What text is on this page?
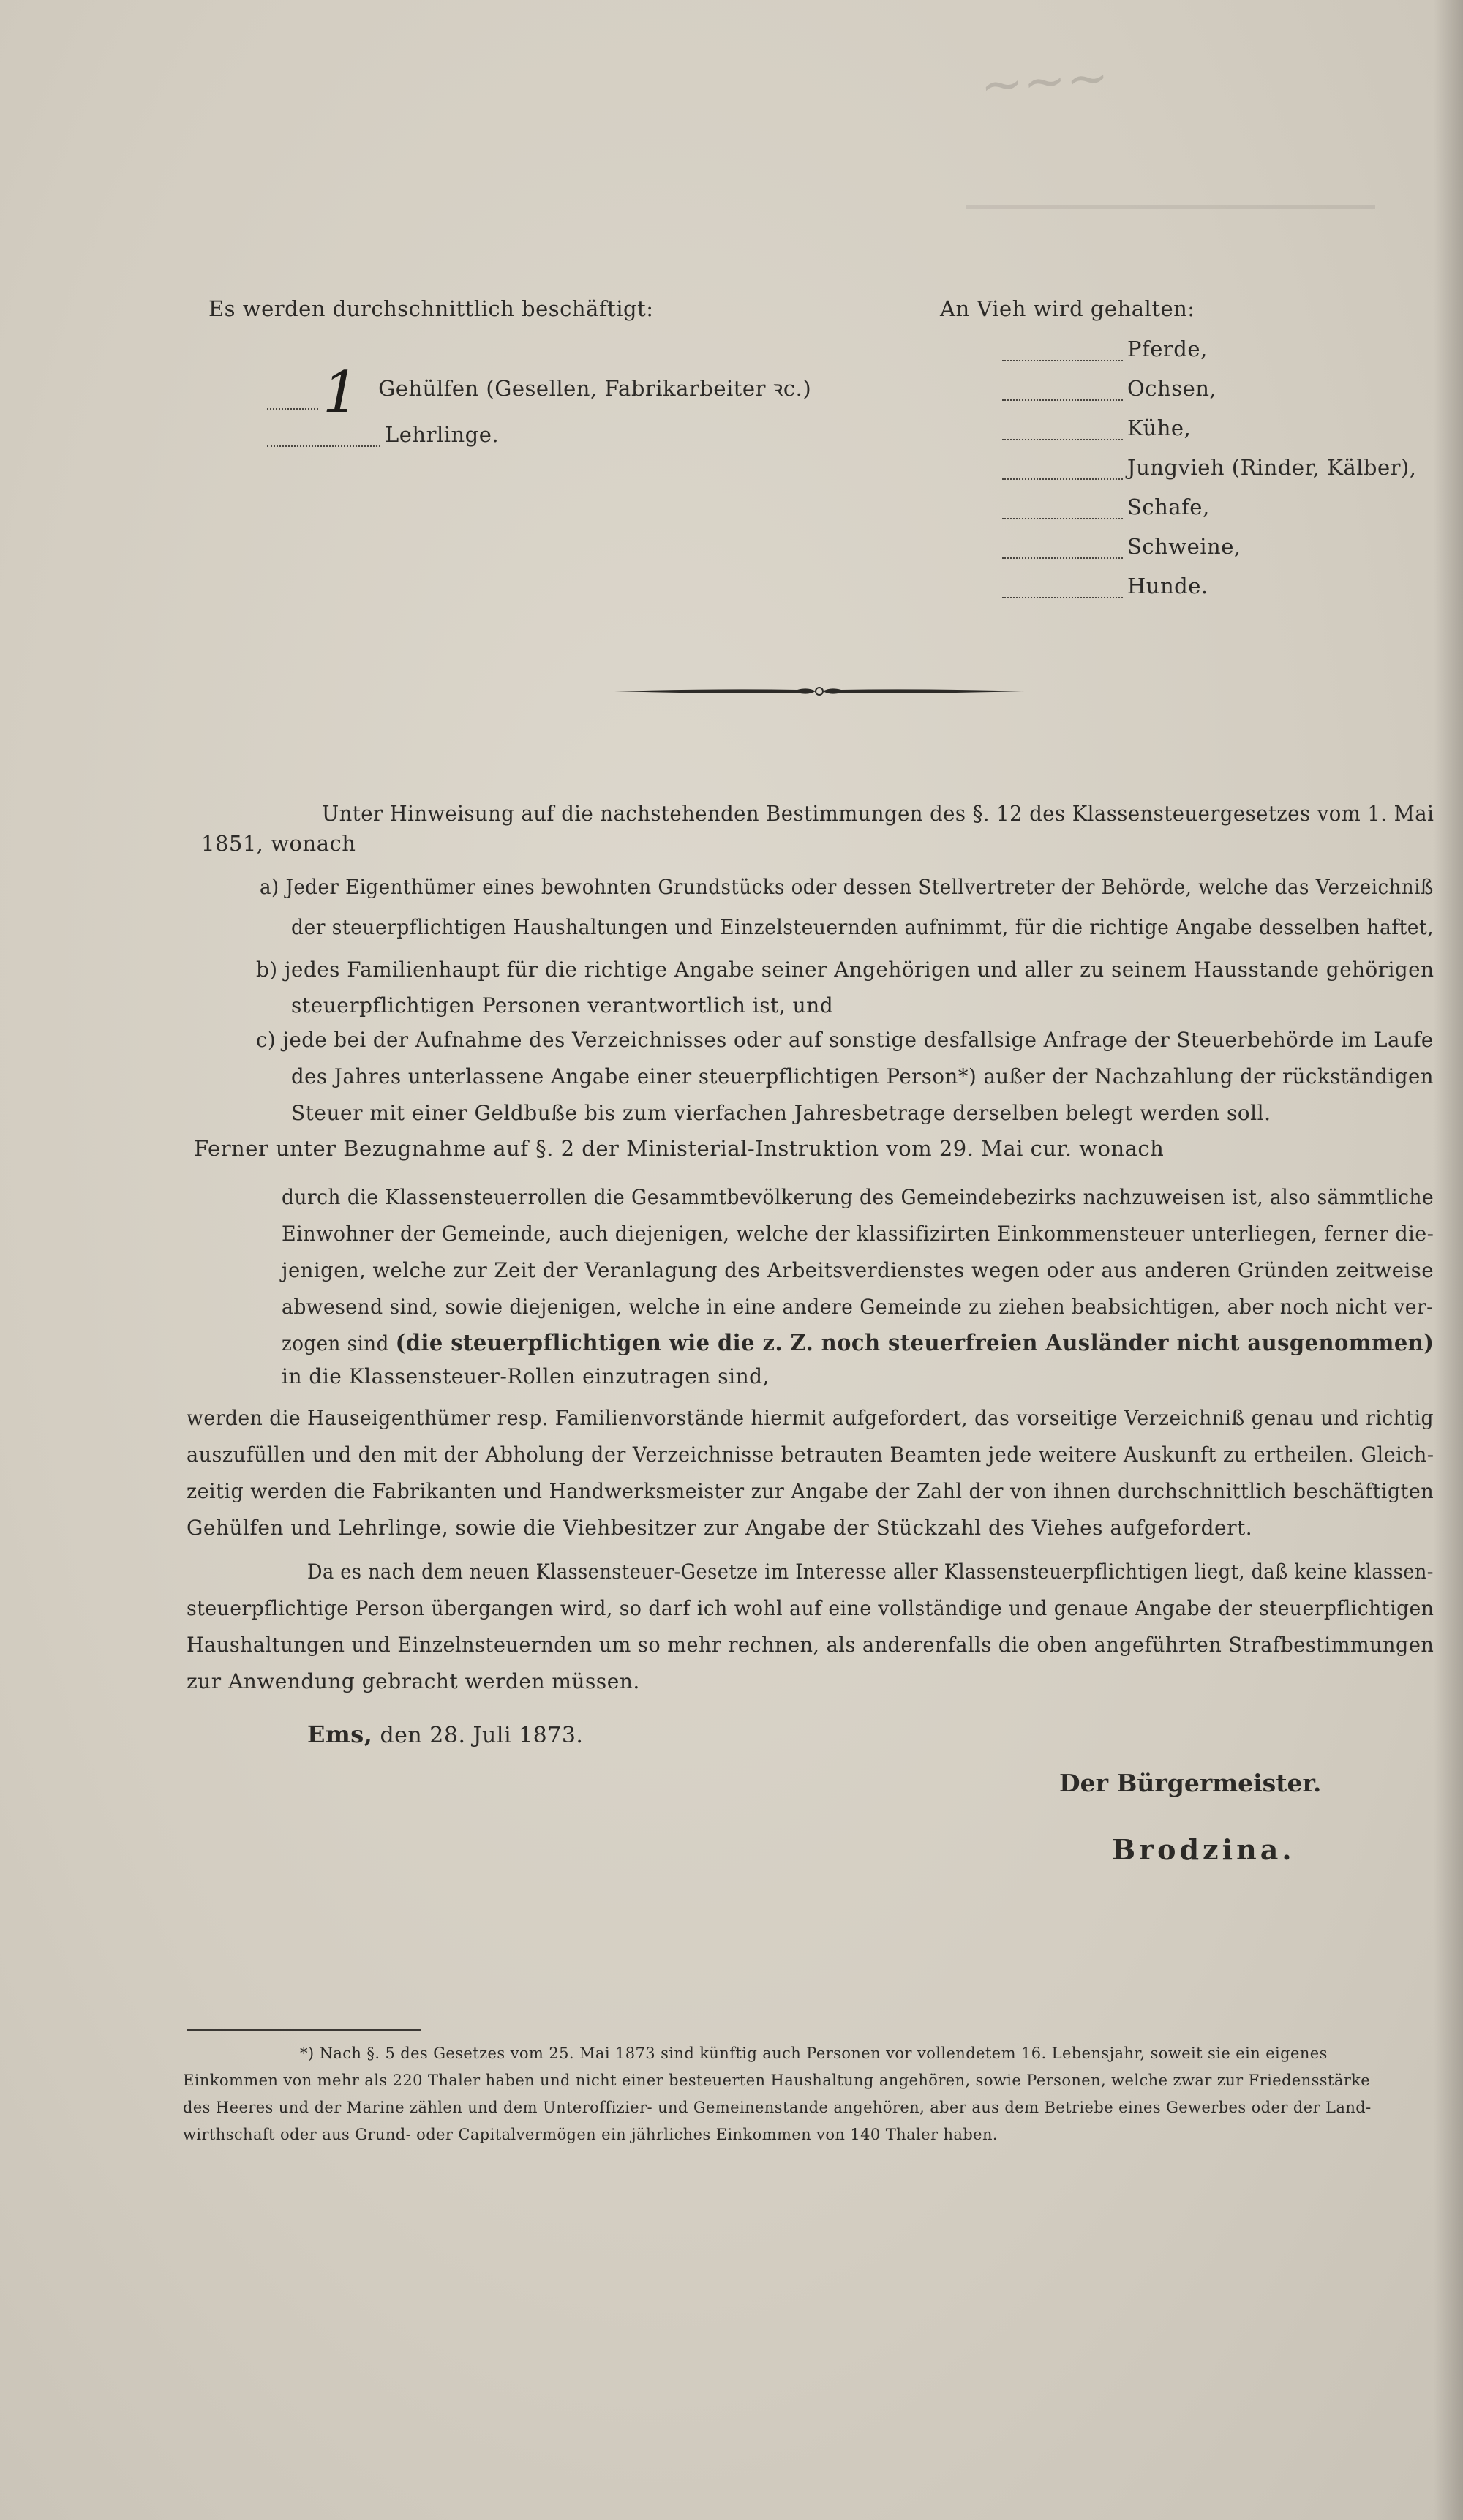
~~~
Es werden durchschnittlich beschäftigt:
1 Gehülfen (Gesellen, Fabrikarbeiter ꝛc.)
Lehrlinge.
An Vieh wird gehalten:
Pferde,
Ochsen,
Kühe,
Jungvieh (Rinder, Kälber),
Schafe,
Schweine,
Hunde.
Unter Hinweisung auf die nachstehenden Bestimmungen des §. 12 des Klassensteuergesetzes vom 1. Mai
1851, wonach
a) Jeder Eigenthümer eines bewohnten Grundstücks oder dessen Stellvertreter der Behörde, welche das Verzeichniß
der steuerpflichtigen Haushaltungen und Einzelsteuernden aufnimmt, für die richtige Angabe desselben haftet,
b) jedes Familienhaupt für die richtige Angabe seiner Angehörigen und aller zu seinem Hausstande gehörigen
steuerpflichtigen Personen verantwortlich ist, und
c) jede bei der Aufnahme des Verzeichnisses oder auf sonstige desfallsige Anfrage der Steuerbehörde im Laufe
des Jahres unterlassene Angabe einer steuerpflichtigen Person*) außer der Nachzahlung der rückständigen
Steuer mit einer Geldbuße bis zum vierfachen Jahresbetrage derselben belegt werden soll.
Ferner unter Bezugnahme auf §. 2 der Ministerial-Instruktion vom 29. Mai cur. wonach
durch die Klassensteuerrollen die Gesammtbevölkerung des Gemeindebezirks nachzuweisen ist, also sämmtliche
Einwohner der Gemeinde, auch diejenigen, welche der klassifizirten Einkommensteuer unterliegen, ferner die-
jenigen, welche zur Zeit der Veranlagung des Arbeitsverdienstes wegen oder aus anderen Gründen zeitweise
abwesend sind, sowie diejenigen, welche in eine andere Gemeinde zu ziehen beabsichtigen, aber noch nicht ver-
zogen sind (die steuerpflichtigen wie die z. Z. noch steuerfreien Ausländer nicht ausgenommen)
in die Klassensteuer-Rollen einzutragen sind,
werden die Hauseigenthümer resp. Familienvorstände hiermit aufgefordert, das vorseitige Verzeichniß genau und richtig
auszufüllen und den mit der Abholung der Verzeichnisse betrauten Beamten jede weitere Auskunft zu ertheilen. Gleich-
zeitig werden die Fabrikanten und Handwerksmeister zur Angabe der Zahl der von ihnen durchschnittlich beschäftigten
Gehülfen und Lehrlinge, sowie die Viehbesitzer zur Angabe der Stückzahl des Viehes aufgefordert.
Da es nach dem neuen Klassensteuer-Gesetze im Interesse aller Klassensteuerpflichtigen liegt, daß keine klassen-
steuerpflichtige Person übergangen wird, so darf ich wohl auf eine vollständige und genaue Angabe der steuerpflichtigen
Haushaltungen und Einzelnsteuernden um so mehr rechnen, als anderenfalls die oben angeführten Strafbestimmungen
zur Anwendung gebracht werden müssen.
Ems, den 28. Juli 1873.
Der Bürgermeister.
Brodzina.
*) Nach §. 5 des Gesetzes vom 25. Mai 1873 sind künftig auch Personen vor vollendetem 16. Lebensjahr, soweit sie ein eigenes
Einkommen von mehr als 220 Thaler haben und nicht einer besteuerten Haushaltung angehören, sowie Personen, welche zwar zur Friedensstärke
des Heeres und der Marine zählen und dem Unteroffizier- und Gemeinenstande angehören, aber aus dem Betriebe eines Gewerbes oder der Land-
wirthschaft oder aus Grund- oder Capitalvermögen ein jährliches Einkommen von 140 Thaler haben.
